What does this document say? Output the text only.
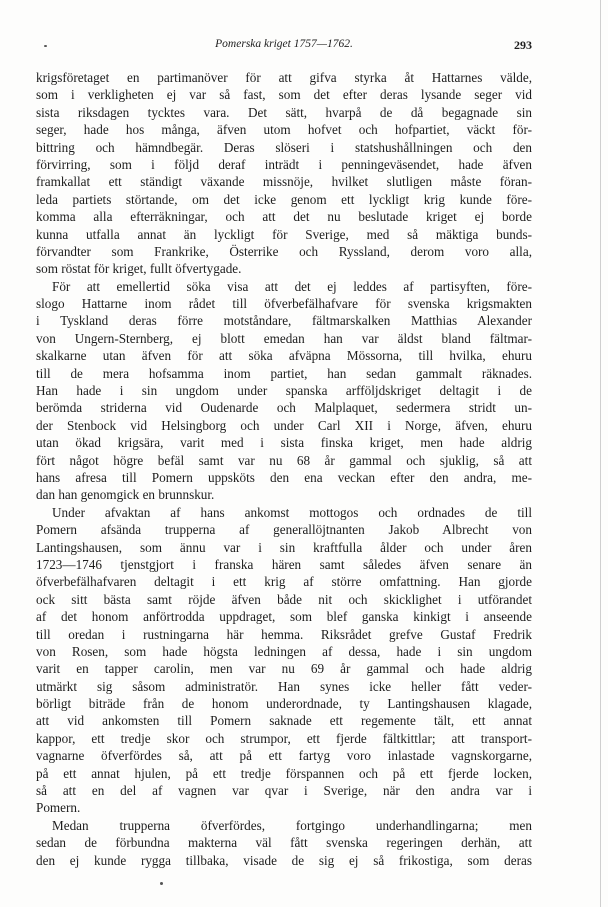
Pomerska kriget 1757—1762.	293
krigsföretaget en partimanöver för att gifva styrka åt Hattarnes välde,
som i verkligheten ej var så fast, som det efter deras lysande seger vid
sista riksdagen tycktes vara. Det sätt, hvarpå de då begagnade sin
seger, hade hos många, äfven utom hofvet och hofpartiet, väckt för-
bittring och hämndbegär. Deras slöseri i statshushållningen och den
förvirring, som i följd deraf inträdt i penningeväsendet, hade äfven
framkallat ett ständigt växande missnöje, hvilket slutligen måste föran-
leda partiets störtande, om det icke genom ett lyckligt krig kunde före-
komma alla efterräkningar, och att det nu beslutade kriget ej borde
kunna utfalla annat än lyckligt för Sverige, med så mäktiga bunds-
förvandter som Frankrike, Österrike och Ryssland, derom voro alla,
som röstat för kriget, fullt öfvertygade.
För att emellertid söka visa att det ej leddes af partisyften, före-
slogo Hattarne inom rådet till öfverbefälhafvare för svenska krigsmakten
i Tyskland deras förre motståndare, fältmarskalken Matthias Alexander
von Ungern-Sternberg, ej blott emedan han var äldst bland fältmar-
skalkarne utan äfven för att söka afväpna Mössorna, till hvilka, ehuru
till de mera hofsamma inom partiet, han sedan gammalt räknades.
Han hade i sin ungdom under spanska arfföljdskriget deltagit i de
berömda striderna vid Oudenarde och Malplaquet, sedermera stridt un-
der Stenbock vid Helsingborg och under Carl XII i Norge, äfven, ehuru
utan ökad krigsära, varit med i sista finska kriget, men hade aldrig
fört något högre befäl samt var nu 68 år gammal och sjuklig, så att
hans afresa till Pomern uppsköts den ena veckan efter den andra, me-
dan han genomgick en brunnskur.
Under afvaktan af hans ankomst mottogos och ordnades de till
Pomern afsända trupperna af generallöjtnanten Jakob Albrecht von
Lantingshausen, som ännu var i sin kraftfulla ålder och under åren
1723—1746 tjenstgjort i franska hären samt således äfven senare än
öfverbefälhafvaren deltagit i ett krig af större omfattning. Han gjorde
ock sitt bästa samt röjde äfven både nit och skicklighet i utförandet
af det honom anförtrodda uppdraget, som blef ganska kinkigt i anseende
till oredan i rustningarna här hemma. Riksrådet grefve Gustaf Fredrik
von Rosen, som hade högsta ledningen af dessa, hade i sin ungdom
varit en tapper carolin, men var nu 69 år gammal och hade aldrig
utmärkt sig såsom administratör. Han synes icke heller fått veder-
börligt biträde från de honom underordnade, ty Lantingshausen klagade,
att vid ankomsten till Pomern saknade ett regemente tält, ett annat
kappor, ett tredje skor och strumpor, ett fjerde fältkittlar; att transport-
vagnarne öfverfördes så, att på ett fartyg voro inlastade vagnskorgarne,
på ett annat hjulen, på ett tredje förspannen och på ett fjerde locken,
så att en del af vagnen var qvar i Sverige, när den andra var i
Pomern.
Medan trupperna öfverfördes, fortgingo underhandlingarna; men
sedan de förbundna makterna väl fått svenska regeringen derhän, att
den ej kunde rygga tillbaka, visade de sig ej så frikostiga, som deras
